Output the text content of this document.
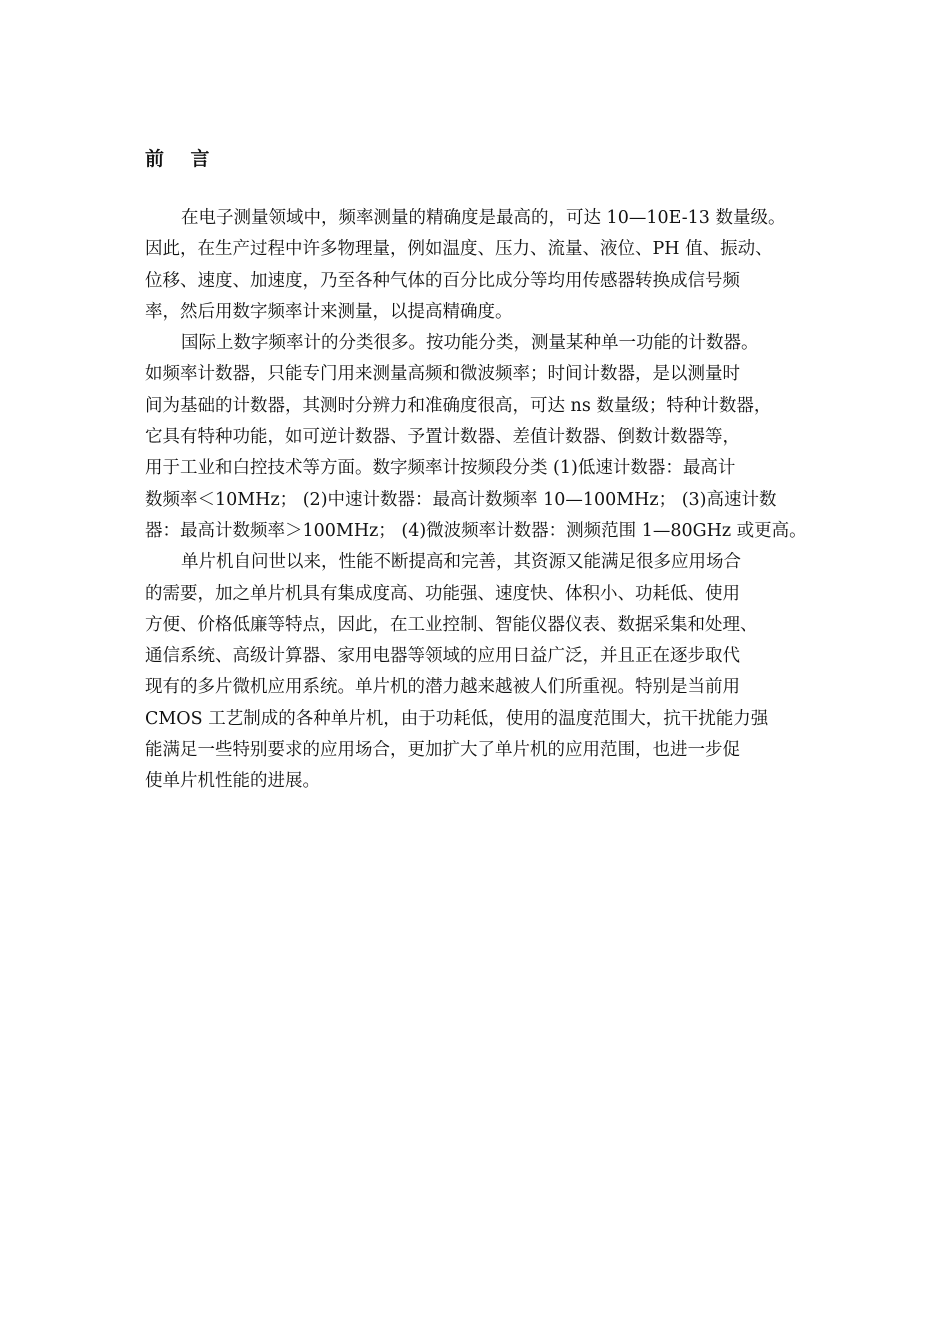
前    言
在电子测量领域中，频率测量的精确度是最高的，可达 10—10E-13 数量级。
因此，在生产过程中许多物理量，例如温度、压力、流量、液位、PH 值、振动、
位移、速度、加速度，乃至各种气体的百分比成分等均用传感器转换成信号频
率，然后用数字频率计来测量，以提高精确度。
国际上数字频率计的分类很多。按功能分类，测量某种单一功能的计数器。
如频率计数器，只能专门用来测量高频和微波频率；时间计数器，是以测量时
间为基础的计数器，其测时分辨力和准确度很高，可达 ns 数量级；特种计数器，
它具有特种功能，如可逆计数器、予置计数器、差值计数器、倒数计数器等，
用于工业和白控技术等方面。数字频率计按频段分类 (1)低速计数器：最高计
数频率＜10MHz； (2)中速计数器：最高计数频率 10—100MHz； (3)高速计数
器：最高计数频率＞100MHz； (4)微波频率计数器：测频范围 1—80GHz 或更高。
单片机自问世以来，性能不断提高和完善，其资源又能满足很多应用场合
的需要，加之单片机具有集成度高、功能强、速度快、体积小、功耗低、使用
方便、价格低廉等特点，因此，在工业控制、智能仪器仪表、数据采集和处理、
通信系统、高级计算器、家用电器等领域的应用日益广泛，并且正在逐步取代
现有的多片微机应用系统。单片机的潜力越来越被人们所重视。特别是当前用
CMOS 工艺制成的各种单片机，由于功耗低，使用的温度范围大，抗干扰能力强
能满足一些特别要求的应用场合，更加扩大了单片机的应用范围，也进一步促
使单片机性能的进展。
